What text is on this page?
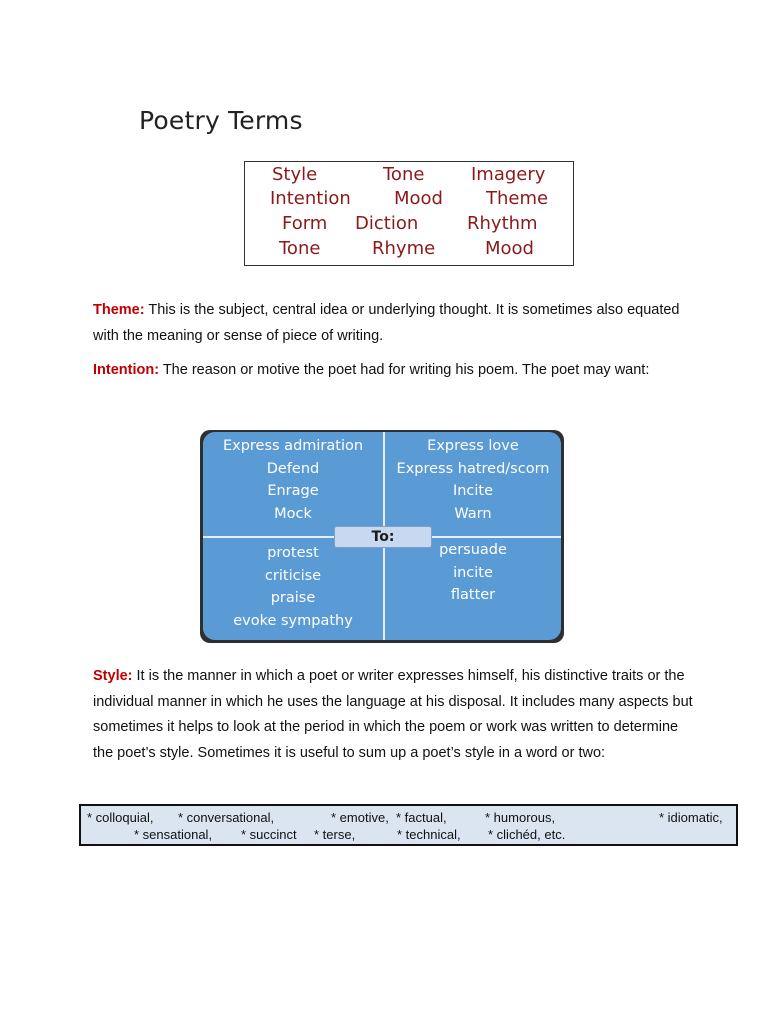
Poetry Terms
Style	Tone	Imagery
Intention Mood Theme
Form Diction	Rhythm
Tone	Rhyme	Mood
Theme: This is the subject, central idea or underlying thought. It is sometimes also equated with the meaning or sense of piece of writing.
Intention: The reason or motive the poet had for writing his poem. The poet may want:
Express admiration
Defend
Enrage
Mock
Express love
Express hatred/scorn
Incite
Warn
protest
criticise
praise
evoke sympathy
persuade
incite
flatter
To:
Style: It is the manner in which a poet or writer expresses himself, his distinctive traits or the individual manner in which he uses the language at his disposal. It includes many aspects but sometimes it helps to look at the period in which the poem or work was written to determine the poet’s style. Sometimes it is useful to sum up a poet’s style in a word or two:
* colloquial, * conversational,	* emotive, * factual,	* humorous,	* idiomatic,
* sensational, * succinct * terse,	* technical, * clichéd, etc.
